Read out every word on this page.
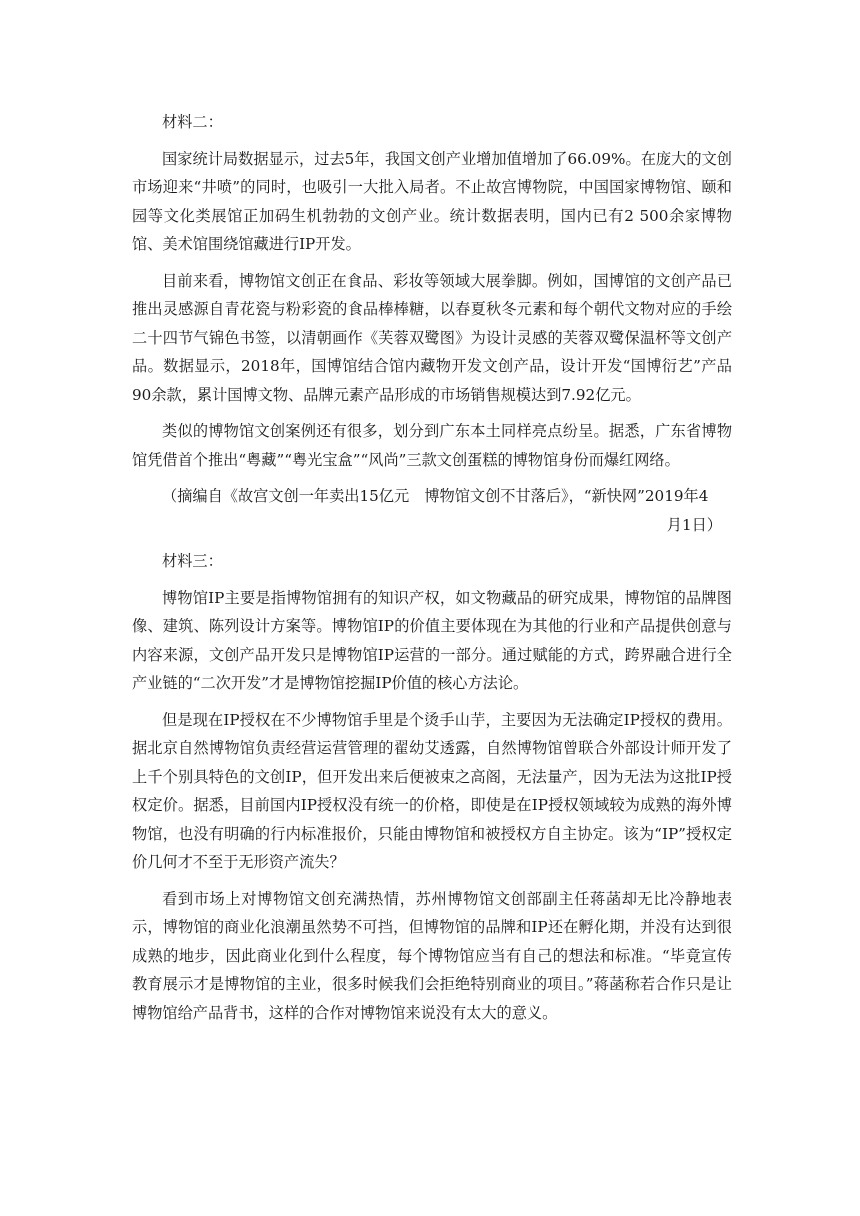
材料二：

国家统计局数据显示，过去5年，我国文创产业增加值增加了66.09%。在庞大的文创市场迎来“井喷”的同时，也吸引一大批入局者。不止故宫博物院，中国国家博物馆、颐和园等文化类展馆正加码生机勃勃的文创产业。统计数据表明，国内已有2 500余家博物馆、美术馆围绕馆藏进行IP开发。

目前来看，博物馆文创正在食品、彩妆等领域大展拳脚。例如，国博馆的文创产品已推出灵感源自青花瓷与粉彩瓷的食品棒棒糖，以春夏秋冬元素和每个朝代文物对应的手绘二十四节气锦色书签，以清朝画作《芙蓉双鹭图》为设计灵感的芙蓉双鹭保温杯等文创产品。数据显示，2018年，国博馆结合馆内藏物开发文创产品，设计开发“国博衍艺”产品90余款，累计国博文物、品牌元素产品形成的市场销售规模达到7.92亿元。

类似的博物馆文创案例还有很多，划分到广东本土同样亮点纷呈。据悉，广东省博物馆凭借首个推出“粤藏”“粤光宝盒”“风尚”三款文创蛋糕的博物馆身份而爆红网络。

（摘编自《故宫文创一年卖出15亿元　博物馆文创不甘落后》，“新快网”2019年4
月1日）

材料三：

博物馆IP主要是指博物馆拥有的知识产权，如文物藏品的研究成果，博物馆的品牌图像、建筑、陈列设计方案等。博物馆IP的价值主要体现在为其他的行业和产品提供创意与内容来源，文创产品开发只是博物馆IP运营的一部分。通过赋能的方式，跨界融合进行全产业链的“二次开发”才是博物馆挖掘IP价值的核心方法论。

但是现在IP授权在不少博物馆手里是个烫手山芋，主要因为无法确定IP授权的费用。据北京自然博物馆负责经营运营管理的翟幼艾透露，自然博物馆曾联合外部设计师开发了上千个别具特色的文创IP，但开发出来后便被束之高阁，无法量产，因为无法为这批IP授权定价。据悉，目前国内IP授权没有统一的价格，即使是在IP授权领域较为成熟的海外博物馆，也没有明确的行内标准报价，只能由博物馆和被授权方自主协定。该为“IP”授权定价几何才不至于无形资产流失？

看到市场上对博物馆文创充满热情，苏州博物馆文创部副主任蒋菡却无比冷静地表示，博物馆的商业化浪潮虽然势不可挡，但博物馆的品牌和IP还在孵化期，并没有达到很成熟的地步，因此商业化到什么程度，每个博物馆应当有自己的想法和标准。“毕竟宣传教育展示才是博物馆的主业，很多时候我们会拒绝特别商业的项目。”蒋菡称若合作只是让博物馆给产品背书，这样的合作对博物馆来说没有太大的意义。
